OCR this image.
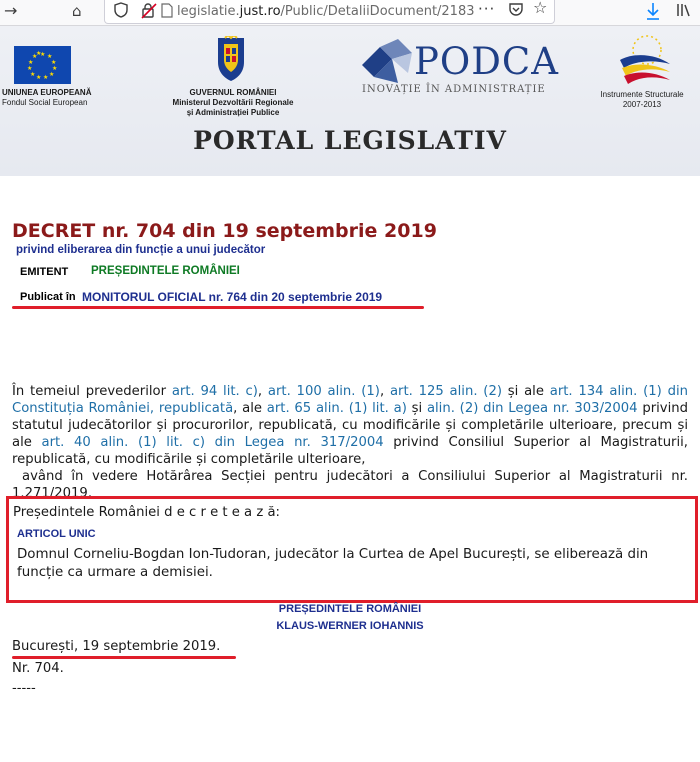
→	⌂	legislatie.just.ro/Public/DetaliiDocument/2183 ··· ☆
★ ★
★
★
★
★
★
★
★
★
★
★
UNIUNEA EUROPEANĂ
Fondul Social European
GUVERNUL ROMÂNIEI
Ministerul Dezvoltării Regionale
și Administrației Publice
PODCA
INOVAȚIE ÎN ADMINISTRAȚIE	Instrumente Structurale
2007-2013
PORTAL LEGISLATIV
DECRET nr. 704 din 19 septembrie 2019
privind eliberarea din funcție a unui judecător
EMITENT PREȘEDINTELE ROMÂNIEI
Publicat în MONITORUL OFICIAL nr. 764 din 20 septembrie 2019
În temeiul prevederilor art. 94 lit. c), art. 100 alin. (1), art. 125 alin. (2) și ale art. 134 alin. (1) din Constituția României, republicată, ale art. 65 alin. (1) lit. a) și alin. (2) din Legea nr. 303/2004 privind statutul judecătorilor și procurorilor, republicată, cu modificările și completările ulterioare, precum și ale art. 40 alin. (1) lit. c) din Legea nr. 317/2004 privind Consiliul Superior al Magistraturii, republicată, cu modificările și completările ulterioare,
având în vedere Hotărârea Secției pentru judecători a Consiliului Superior al Magistraturii nr. 1.271/2019,
Președintele României d e c r e t e a z ă:
ARTICOL UNIC
Domnul Corneliu-Bogdan Ion-Tudoran, judecător la Curtea de Apel București, se eliberează din funcție ca urmare a demisiei.
PREȘEDINTELE ROMÂNIEI
KLAUS-WERNER IOHANNIS
București, 19 septembrie 2019.
Nr. 704.
-----
